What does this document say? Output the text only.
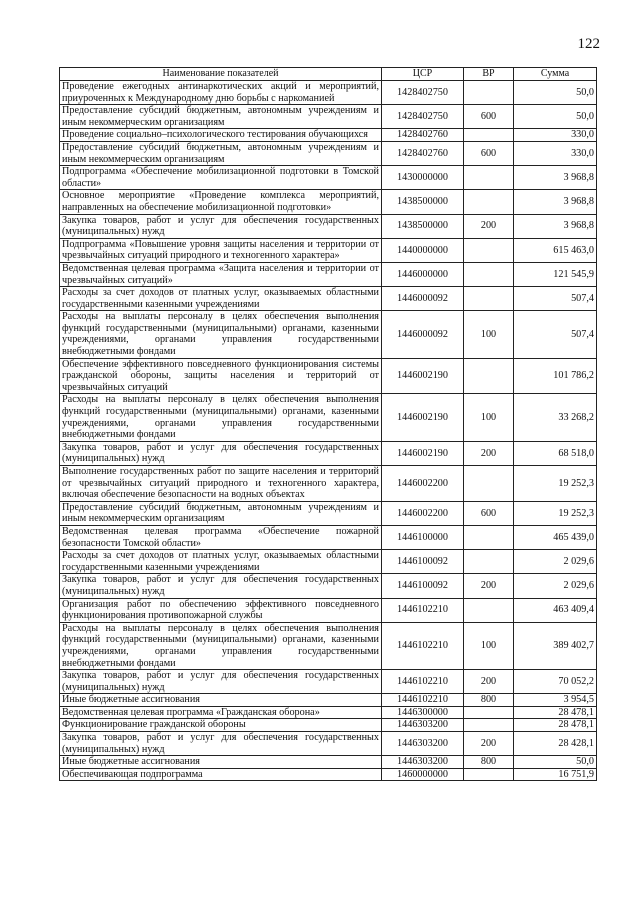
122
Наименование показателей	ЦСР	ВР	Сумма
Проведение ежегодных антинаркотических акций и мероприятий, приуроченных к Международному дню борьбы с наркоманией	1428402750		50,0
Предоставление субсидий бюджетным, автономным учреждениям и иным некоммерческим организациям	1428402750	600	50,0
Проведение социально–психологического тестирования обучающихся	1428402760		330,0
Предоставление субсидий бюджетным, автономным учреждениям и иным некоммерческим организациям	1428402760	600	330,0
Подпрограмма «Обеспечение мобилизационной подготовки в Томской области»	1430000000		3 968,8
Основное мероприятие «Проведение комплекса мероприятий, направленных на обеспечение мобилизационной подготовки»	1438500000		3 968,8
Закупка товаров, работ и услуг для обеспечения государственных (муниципальных) нужд	1438500000	200	3 968,8
Подпрограмма «Повышение уровня защиты населения и территории от чрезвычайных ситуаций природного и техногенного характера»	1440000000		615 463,0
Ведомственная целевая программа «Защита населения и территории от чрезвычайных ситуаций»	1446000000		121 545,9
Расходы за счет доходов от платных услуг, оказываемых областными государственными казенными учреждениями	1446000092		507,4
Расходы на выплаты персоналу в целях обеспечения выполнения функций государственными (муниципальными) органами, казенными учреждениями, органами управления государственными внебюджетными фондами	1446000092	100	507,4
Обеспечение эффективного повседневного функционирования системы гражданской обороны, защиты населения и территорий от чрезвычайных ситуаций	1446002190		101 786,2
Расходы на выплаты персоналу в целях обеспечения выполнения функций государственными (муниципальными) органами, казенными учреждениями, органами управления государственными внебюджетными фондами	1446002190	100	33 268,2
Закупка товаров, работ и услуг для обеспечения государственных (муниципальных) нужд	1446002190	200	68 518,0
Выполнение государственных работ по защите населения и территорий от чрезвычайных ситуаций природного и техногенного характера, включая обеспечение безопасности на водных объектах	1446002200		19 252,3
Предоставление субсидий бюджетным, автономным учреждениям и иным некоммерческим организациям	1446002200	600	19 252,3
Ведомственная целевая программа «Обеспечение пожарной безопасности Томской области»	1446100000		465 439,0
Расходы за счет доходов от платных услуг, оказываемых областными государственными казенными учреждениями	1446100092		2 029,6
Закупка товаров, работ и услуг для обеспечения государственных (муниципальных) нужд	1446100092	200	2 029,6
Организация работ по обеспечению эффективного повседневного функционирования противопожарной службы	1446102210		463 409,4
Расходы на выплаты персоналу в целях обеспечения выполнения функций государственными (муниципальными) органами, казенными учреждениями, органами управления государственными внебюджетными фондами	1446102210	100	389 402,7
Закупка товаров, работ и услуг для обеспечения государственных (муниципальных) нужд	1446102210	200	70 052,2
Иные бюджетные ассигнования	1446102210	800	3 954,5
Ведомственная целевая программа «Гражданская оборона»	1446300000		28 478,1
Функционирование гражданской обороны	1446303200		28 478,1
Закупка товаров, работ и услуг для обеспечения государственных (муниципальных) нужд	1446303200	200	28 428,1
Иные бюджетные ассигнования	1446303200	800	50,0
Обеспечивающая подпрограмма	1460000000		16 751,9
